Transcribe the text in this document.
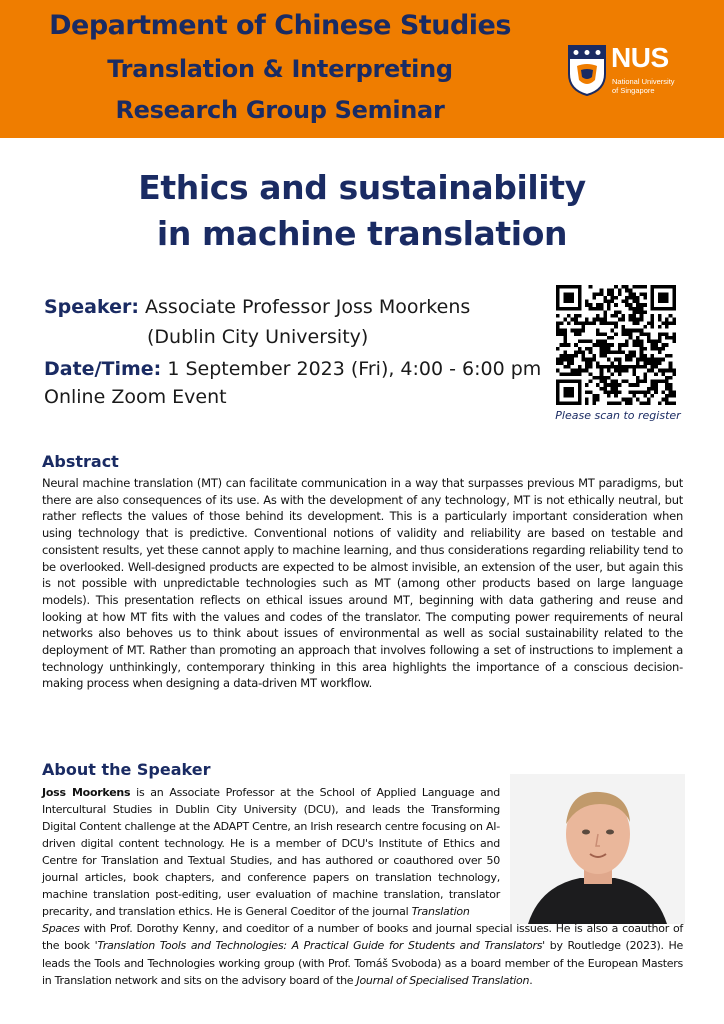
Department of Chinese Studies
Translation & Interpreting
Research Group Seminar
NUS
National University
of Singapore
Ethics and sustainability
in machine translation
Speaker: Associate Professor Joss Moorkens
(Dublin City University)
Date/Time: 1 September 2023 (Fri), 4:00 - 6:00 pm
Online Zoom Event
Please scan to register
Abstract
Neural machine translation (MT) can facilitate communication in a way that surpasses previous MT paradigms, but there are also consequences of its use. As with the development of any technology, MT is not ethically neutral, but rather reflects the values of those behind its development. This is a particularly important consideration when using technology that is predictive. Conventional notions of validity and reliability are based on testable and consistent results, yet these cannot apply to machine learning, and thus considerations regarding reliability tend to be overlooked. Well-designed products are expected to be almost invisible, an extension of the user, but again this is not possible with unpredictable technologies such as MT (among other products based on large language models). This presentation reflects on ethical issues around MT, beginning with data gathering and reuse and looking at how MT fits with the values and codes of the translator. The computing power requirements of neural networks also behoves us to think about issues of environmental as well as social sustainability related to the deployment of MT. Rather than promoting an approach that involves following a set of instructions to implement a technology unthinkingly, contemporary thinking in this area highlights the importance of a conscious decision-making process when designing a data-driven MT workflow.
About the Speaker
Joss Moorkens is an Associate Professor at the School of Applied Language and Intercultural Studies in Dublin City University (DCU), and leads the Transforming Digital Content challenge at the ADAPT Centre, an Irish research centre focusing on AI-driven digital content technology. He is a member of DCU's Institute of Ethics and Centre for Translation and Textual Studies, and has authored or coauthored over 50 journal articles, book chapters, and conference papers on translation technology, machine translation post-editing, user evaluation of machine translation, translator precarity, and translation ethics. He is General Coeditor of the journal Translation
Spaces with Prof. Dorothy Kenny, and coeditor of a number of books and journal special issues. He is also a coauthor of the book 'Translation Tools and Technologies: A Practical Guide for Students and Translators' by Routledge (2023). He leads the Tools and Technologies working group (with Prof. Tomáš Svoboda) as a board member of the European Masters in Translation network and sits on the advisory board of the Journal of Specialised Translation.
